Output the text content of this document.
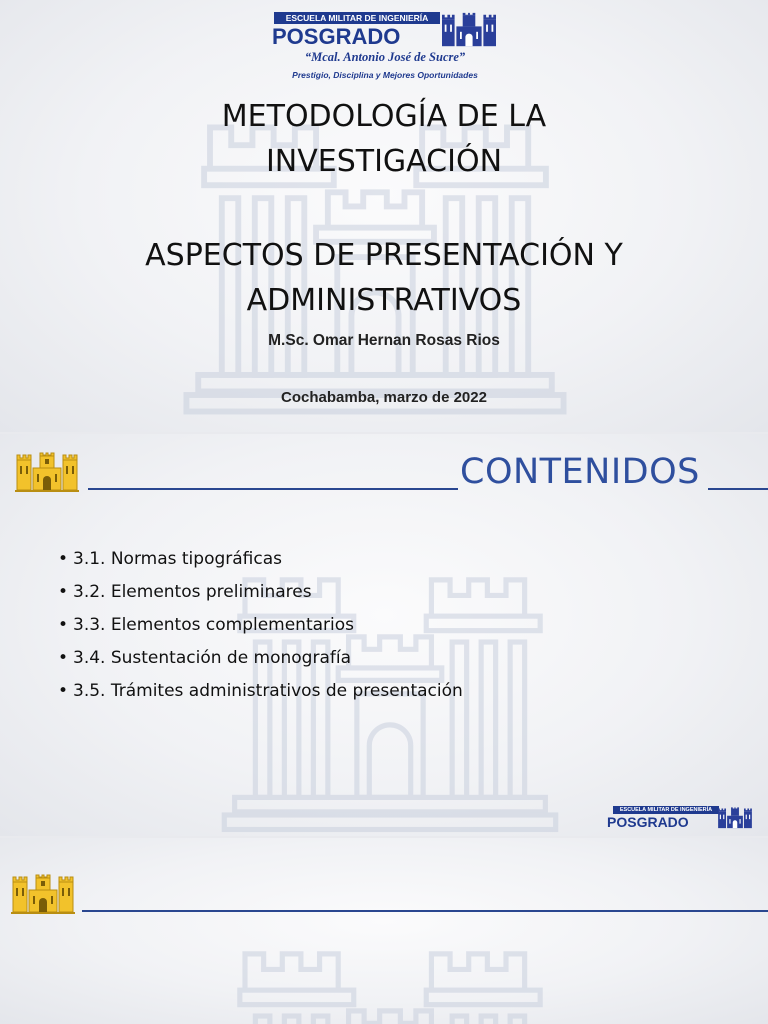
ESCUELA MILITAR DE INGENIERÍA
POSGRADO
“Mcal. Antonio José de Sucre”
Prestigio, Disciplina y Mejores Oportunidades
METODOLOGÍA DE LA
INVESTIGACIÓN
ASPECTOS DE PRESENTACIÓN Y
ADMINISTRATIVOS
M.Sc. Omar Hernan Rosas Rios
Cochabamba, marzo de 2022
CONTENIDOS
• 3.1. Normas tipográficas
• 3.2. Elementos preliminares
• 3.3. Elementos complementarios
• 3.4. Sustentación de monografía
• 3.5. Trámites administrativos de presentación
ESCUELA MILITAR DE INGENIERÍA
POSGRADO
